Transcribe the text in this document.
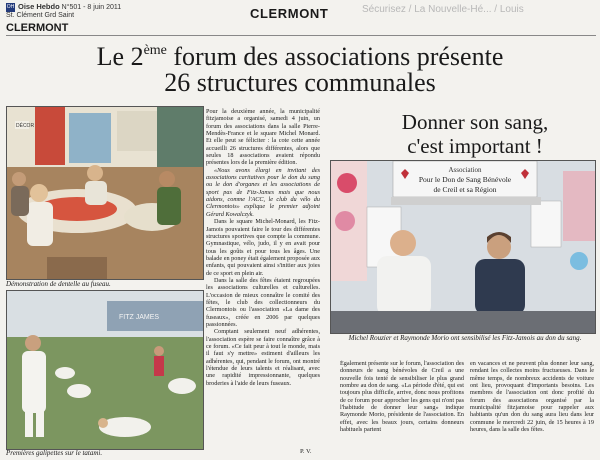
OH Oise Hebdo N°501 - 8 juin 2011
St. Clément Grd Saint	CLERMONT	Sécurisez / La Nouvelle-Hé... / Louis
CLERMONT
Le 2ème forum des associations présente
26 structures communales
DÉCOR
Démonstration de dentelle au fuseau.
FITZ JAMES
Premières galipettes sur le tatami.

Pour la deuxième année, la municipalité fitzjamoise a organisé, samedi 4 juin, un forum des associations dans la salle Pierre-Mendès-France et le square Michel Monard. Et elle peut se féliciter : la cote cette année accueilli 26 structures différentes, alors que seules 18 associations avaient répondu présentes lors de la première édition.

«Nous avons élargi en invitant des associations caritatives pour le don du sang ou le don d'organes et les associations de sport pas de Fitz-James mais que nous aidons, comme l'ACC, le club du vélo du Clermontois» explique le premier adjoint Gérard Kowalczyk.

Dans le square Michel-Monard, les Fitz-Jamois pouvaient faire le tour des différentes structures sportives que compte la commune. Gymnastique, vélo, judo, il y en avait pour tous les goûts et pour tous les âges. Une balade en poney était également proposée aux enfants, qui pouvaient ainsi s'initier aux joies de ce sport en plein air.

Dans la salle des fêtes étaient regroupées les associations culturelles et culturelles. L'occasion de mieux connaître le comité des fêtes, le club des collectionneurs du Clermontois ou l'association «La dame des fuseaux», créée en 2006 par quelques passionnées.

Comptant seulement neuf adhérentes, l'association espère se faire connaître grâce à ce forum. «Ce fait peur à tout le monde, mais il faut s'y mettre» estiment d'ailleurs les adhérentes, qui, pendant le forum, ont montré l'étendue de leurs talents et réalisant, avec une rapidité impressionnante, quelques broderies à l'aide de leurs fuseaux.

P. V.
Donner son sang,
c'est important !
Association
Pour le Don de Sang Bénévole
de Creil et sa Région
Michel Rouzier et Raymonde Morio ont sensibilisé les Fitz-Jamois au don du sang.

Également présente sur le forum, l'association des donneurs de sang bénévoles de Creil a une nouvelle fois tenté de sensibiliser le plus grand nombre au don de sang. «La période d'été, qui est toujours plus difficile, arrive, donc nous profitons de ce forum pour approcher les gens qui n'ont pas l'habitude de donner leur sang» indique Raymonde Morio, présidente de l'association. En effet, avec les beaux jours, certains donneurs habituels partent

en vacances et ne peuvent plus donner leur sang, rendant les collectes moins fructueuses. Dans le même temps, de nombreux accidents de voiture ont lieu, provoquant d'importants besoins. Les membres de l'association ont donc profité du forum des associations organisé par la municipalité fitzjamoise pour rappeler aux habitants qu'un don du sang aura lieu dans leur commune le mercredi 22 juin, de 15 heures à 19 heures, dans la salle des fêtes.
